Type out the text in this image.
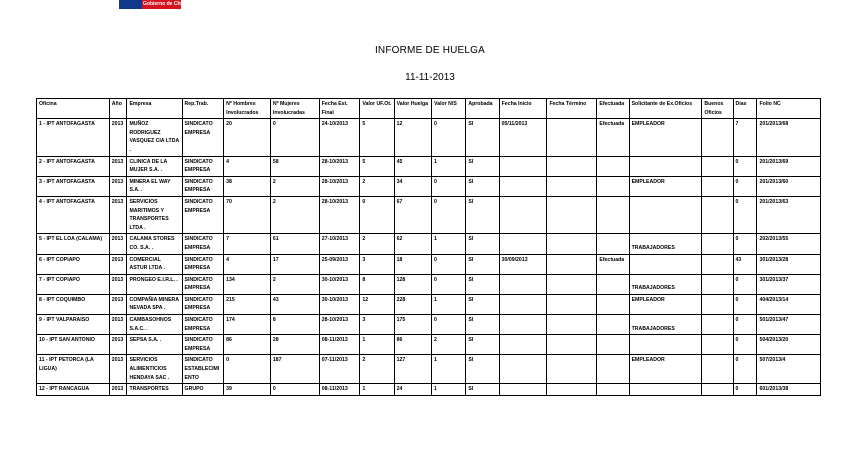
Gobierno de Chile
INFORME DE HUELGA
11-11-2013
Oficina	Año	Empresa	Rep.Trab.	Nº Hombres Involucrados	Nº Mujeres Involucradas	Fecha Est. Final	Valor UF.Ot.	Valor Huelga	Valor N/S	Aprobada	Fecha Inicio	Fecha Término	Efectuada	Solicitante de Ex.Oficios	Buenos Oficios	Días	Folio NC
1 - IPT ANTOFAGASTA	2013	MUÑOZ RODRIGUEZ VASQUEZ CIA LTDA .	SINDICATO EMPRESA	20	0	24-10/2013	5	12	0	SI	05/11/2013		Efectuada	EMPLEADOR		7	201/2013/68
2 - IPT ANTOFAGASTA	2013	CLINICA DE LA MUJER S.A. .	SINDICATO EMPRESA	4	58	28-10/2013	5	45	1	SI						0	201/2013/69
3 - IPT ANTOFAGASTA	2013	MINERA EL WAY S.A. .	SINDICATO EMPRESA	38	2	28-10/2013	2	34	0	SI				EMPLEADOR		0	201/2013/60
4 - IPT ANTOFAGASTA	2013	SERVICIOS MARITIMOS Y TRANSPORTES LTDA .	SINDICATO EMPRESA	70	2	28-10/2013	0	67	0	SI						0	201/2013/63
5 - IPT EL LOA (CALAMA)	2013	CALAMA STORES CO. S.A. .	SINDICATO EMPRESA	7	61	27-10/2013	2	62	1	SI				TRABAJADORES		0	202/2013/55
6 - IPT COPIAPO	2013	COMERCIAL ASTUR LTDA .	SINDICATO EMPRESA	4	17	25-09/2013	3	18	0	SI	30/09/2013		Efectuada			43	301/2013/28
7 - IPT COPIAPO	2013	PRONGEO E.I.R.L. .	SINDICATO EMPRESA	134	2	30-10/2013	8	128	0	SI				TRABAJADORES		0	301/2013/37
8 - IPT COQUIMBO	2013	COMPAÑIA MINERA NEVADA SPA .	SINDICATO EMPRESA	215	43	30-10/2013	12	228	1	SI				EMPLEADOR		0	404/2013/14
9 - IPT VALPARAISO	2013	CAMBASOHNOS S.A.C. .	SINDICATO EMPRESA	174	8	28-10/2013	3	175	0	SI				TRABAJADORES		0	501/2013/47
10 - IPT SAN ANTONIO	2013	SEPSA S.A. .	SINDICATO EMPRESA	86	28	08-11/2013	1	86	2	SI						0	504/2013/20
11 - IPT PETORCA (LA LIGUA)	2013	SERVICIOS ALIMENTICIOS HENDAYA SAC .	SINDICATO ESTABLECIMIENTO	0	187	07-11/2013	2	127	1	SI				EMPLEADOR		0	507/2013/4
12 - IPT RANCAGUA	2013	TRANSPORTES	GRUPO	39	0	08-11/2013	1	24	1	SI						0	601/2013/38
